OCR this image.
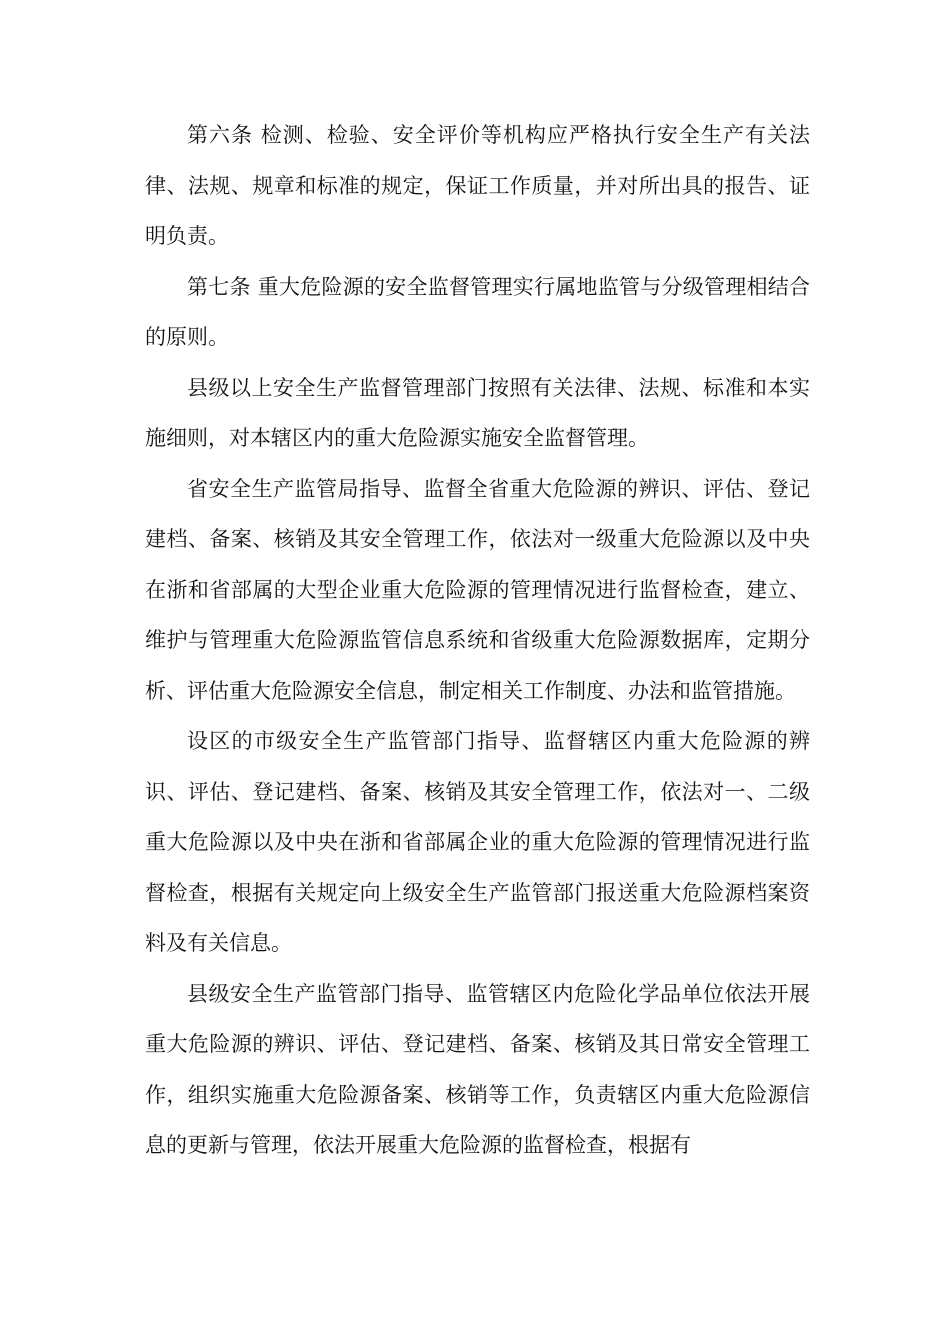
第六条 检测、检验、安全评价等机构应严格执行安全生产有关法律、法规、规章和标准的规定，保证工作质量，并对所出具的报告、证明负责。

第七条 重大危险源的安全监督管理实行属地监管与分级管理相结合的原则。

县级以上安全生产监督管理部门按照有关法律、法规、标准和本实施细则，对本辖区内的重大危险源实施安全监督管理。

省安全生产监管局指导、监督全省重大危险源的辨识、评估、登记建档、备案、核销及其安全管理工作，依法对一级重大危险源以及中央在浙和省部属的大型企业重大危险源的管理情况进行监督检查，建立、维护与管理重大危险源监管信息系统和省级重大危险源数据库，定期分析、评估重大危险源安全信息，制定相关工作制度、办法和监管措施。

设区的市级安全生产监管部门指导、监督辖区内重大危险源的辨识、评估、登记建档、备案、核销及其安全管理工作，依法对一、二级重大危险源以及中央在浙和省部属企业的重大危险源的管理情况进行监督检查，根据有关规定向上级安全生产监管部门报送重大危险源档案资料及有关信息。

县级安全生产监管部门指导、监管辖区内危险化学品单位依法开展重大危险源的辨识、评估、登记建档、备案、核销及其日常安全管理工作，组织实施重大危险源备案、核销等工作，负责辖区内重大危险源信息的更新与管理，依法开展重大危险源的监督检查，根据有
